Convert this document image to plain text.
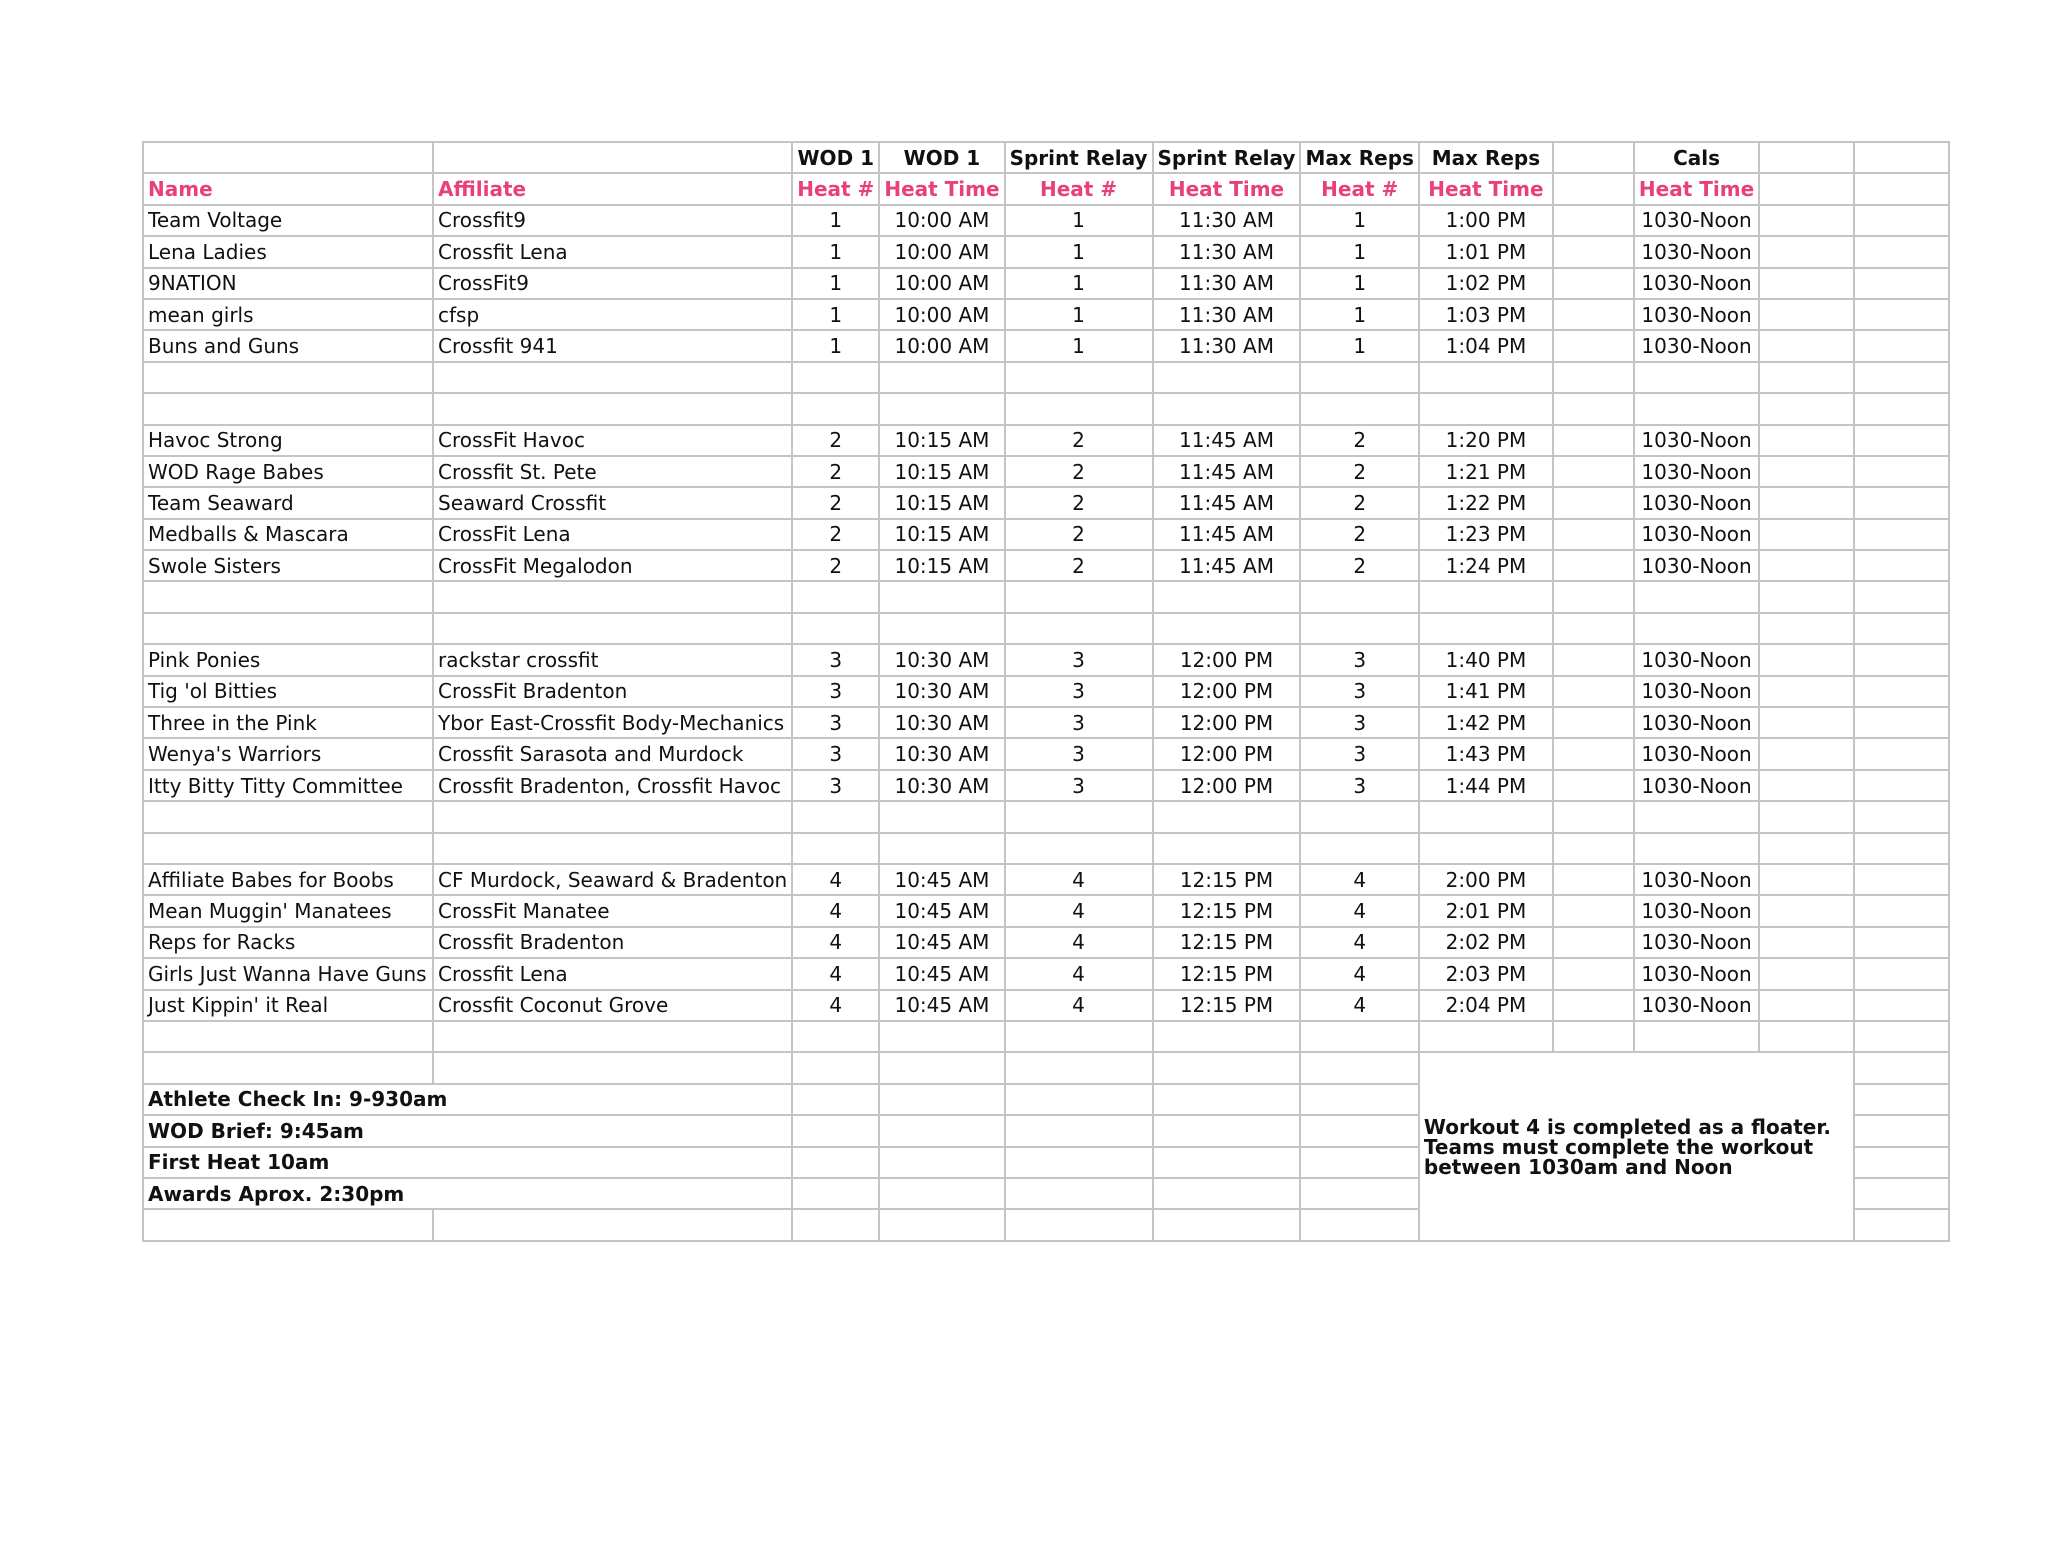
		WOD 1	WOD 1	Sprint Relay	Sprint Relay	Max Reps	Max Reps		Cals		
Name	Affiliate	Heat #	Heat Time	Heat #	Heat Time	Heat #	Heat Time		Heat Time		
Team Voltage	Crossfit9	1	10:00 AM	1	11:30 AM	1	1:00 PM		1030-Noon		
Lena Ladies	Crossfit Lena	1	10:00 AM	1	11:30 AM	1	1:01 PM		1030-Noon		
9NATION	CrossFit9	1	10:00 AM	1	11:30 AM	1	1:02 PM		1030-Noon		
mean girls	cfsp	1	10:00 AM	1	11:30 AM	1	1:03 PM		1030-Noon		
Buns and Guns	Crossfit 941	1	10:00 AM	1	11:30 AM	1	1:04 PM		1030-Noon		

Havoc Strong	CrossFit Havoc	2	10:15 AM	2	11:45 AM	2	1:20 PM		1030-Noon		
WOD Rage Babes	Crossfit St. Pete	2	10:15 AM	2	11:45 AM	2	1:21 PM		1030-Noon		
Team Seaward	Seaward Crossfit	2	10:15 AM	2	11:45 AM	2	1:22 PM		1030-Noon		
Medballs & Mascara	CrossFit Lena	2	10:15 AM	2	11:45 AM	2	1:23 PM		1030-Noon		
Swole Sisters	CrossFit Megalodon	2	10:15 AM	2	11:45 AM	2	1:24 PM		1030-Noon		

Pink Ponies	rackstar crossfit	3	10:30 AM	3	12:00 PM	3	1:40 PM		1030-Noon		
Tig 'ol Bitties	CrossFit Bradenton	3	10:30 AM	3	12:00 PM	3	1:41 PM		1030-Noon		
Three in the Pink	Ybor East-Crossfit Body-Mechanics	3	10:30 AM	3	12:00 PM	3	1:42 PM		1030-Noon		
Wenya's Warriors	Crossfit Sarasota and Murdock	3	10:30 AM	3	12:00 PM	3	1:43 PM		1030-Noon		
Itty Bitty Titty Committee	Crossfit Bradenton, Crossfit Havoc	3	10:30 AM	3	12:00 PM	3	1:44 PM		1030-Noon		

Affiliate Babes for Boobs	CF Murdock, Seaward & Bradenton	4	10:45 AM	4	12:15 PM	4	2:00 PM		1030-Noon		
Mean Muggin' Manatees	CrossFit Manatee	4	10:45 AM	4	12:15 PM	4	2:01 PM		1030-Noon		
Reps for Racks	Crossfit Bradenton	4	10:45 AM	4	12:15 PM	4	2:02 PM		1030-Noon		
Girls Just Wanna Have Guns	Crossfit Lena	4	10:45 AM	4	12:15 PM	4	2:03 PM		1030-Noon		
Just Kippin' it Real	Crossfit Coconut Grove	4	10:45 AM	4	12:15 PM	4	2:04 PM		1030-Noon		

							Workout 4 is completed as a floater.
Teams must complete the workout
between 1030am and Noon				

Athlete Check In: 9-930am											
WOD Brief: 9:45am											
First Heat 10am											
Awards Aprox. 2:30pm											
